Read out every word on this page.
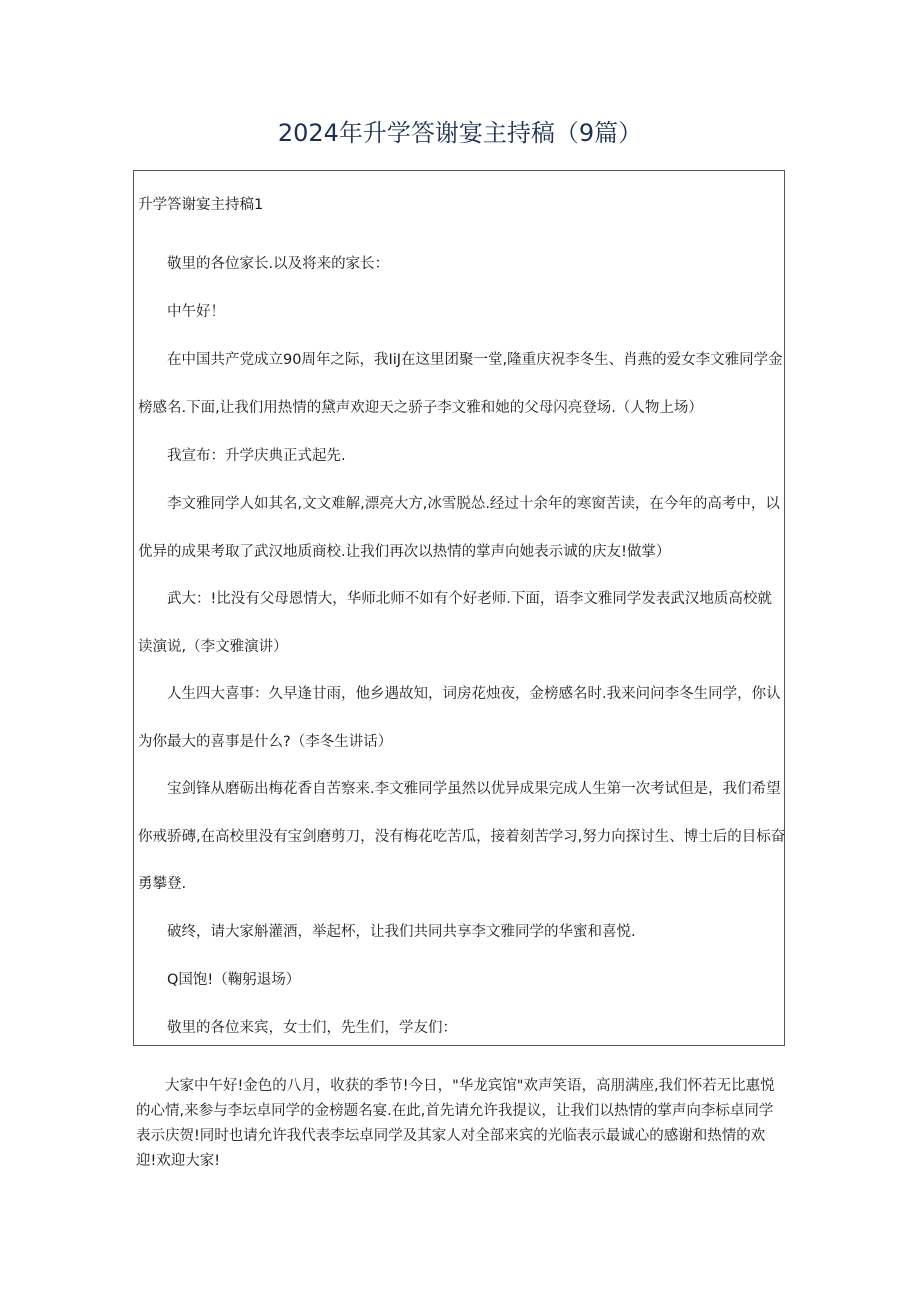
2024年升学答谢宴主持稿（9篇）
升学答谢宴主持稿1
敬里的各位家长.以及将来的家长：
中午好！
在中国共产党成立90周年之际，我IiJ在这里团聚一堂,隆重庆祝李冬生、肖燕的爱女李文雅同学金
榜感名.下面,让我们用热情的黛声欢迎天之骄子李文雅和她的父母闪亮登场.（人物上场）
我宣布：升学庆典正式起先.
李文雅同学人如其名,文文难解,漂亮大方,冰雪脱怂.经过十余年的寒窗苦读，在今年的高考中，以
优异的成果考取了武汉地质商校.让我们再次以热情的掌声向她表示诚的庆友!做掌）
武大：!比没有父母恩情大，华师北师不如有个好老师.下面，语李文雅同学发表武汉地质高校就
读演说,（李文雅演讲）
人生四大喜事：久早逢甘雨，他乡遇故知，词房花烛夜，金榜感名时.我来问问李冬生同学，你认
为你最大的喜事是什么?（李冬生讲话）
宝剑锋从磨砺出梅花香自苦察来.李文雅同学虽然以优异成果完成人生第一次考试但是，我们希望
你戒骄磚,在高校里没有宝剑磨剪刀，没有梅花吃苦瓜，接着刻苦学习,努力向探讨生、博士后的目标奋
勇攀登.
破终，请大家斛灌酒，举起杯，让我们共同共享李文雅同学的华蜜和喜悦.
Q国饱!（鞠躬退场）
敬里的各位来宾，女士们，先生们，学友们：
大家中午好!金色的八月，收获的季节!今日，"华龙宾馆"欢声笑语，高朋满座,我们怀若无比惠悦
的心情,来参与李坛卓同学的金榜题名宴.在此,首先请允许我提议，让我们以热情的掌声向李标卓同学
表示庆贺!同时也请允许我代表李坛卓同学及其家人对全部来宾的光临表示最诚心的感谢和热情的欢
迎!欢迎大家!
